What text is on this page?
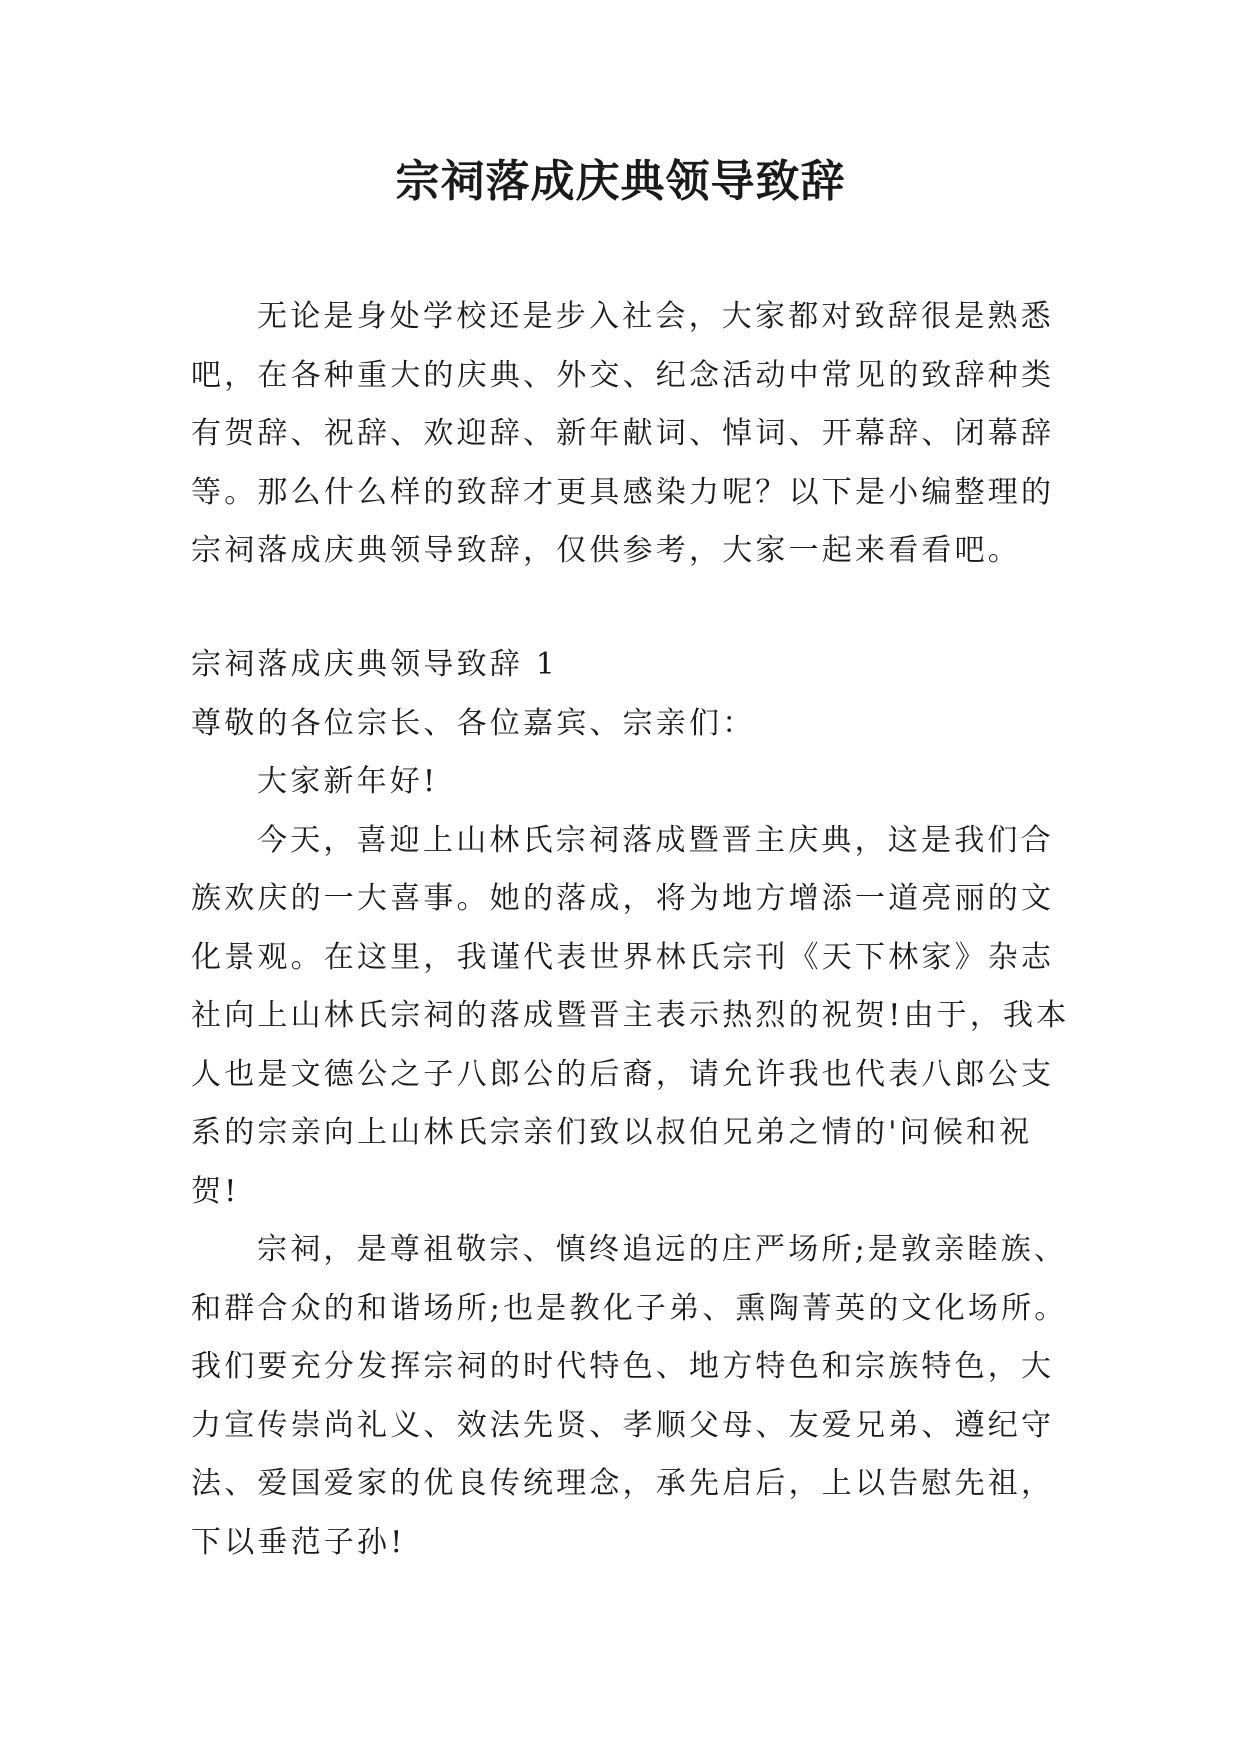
宗祠落成庆典领导致辞
无论是身处学校还是步入社会，大家都对致辞很是熟悉吧，在各种重大的庆典、外交、纪念活动中常见的致辞种类有贺辞、祝辞、欢迎辞、新年献词、悼词、开幕辞、闭幕辞等。那么什么样的致辞才更具感染力呢？以下是小编整理的宗祠落成庆典领导致辞，仅供参考，大家一起来看看吧。

宗祠落成庆典领导致辞 1

尊敬的各位宗长、各位嘉宾、宗亲们：

大家新年好!

今天，喜迎上山林氏宗祠落成暨晋主庆典，这是我们合族欢庆的一大喜事。她的落成，将为地方增添一道亮丽的文化景观。在这里，我谨代表世界林氏宗刊《天下林家》杂志社向上山林氏宗祠的落成暨晋主表示热烈的祝贺!由于，我本人也是文德公之子八郎公的后裔，请允许我也代表八郎公支系的宗亲向上山林氏宗亲们致以叔伯兄弟之情的'问候和祝贺!

宗祠，是尊祖敬宗、慎终追远的庄严场所;是敦亲睦族、和群合众的和谐场所;也是教化子弟、熏陶菁英的文化场所。我们要充分发挥宗祠的时代特色、地方特色和宗族特色，大力宣传崇尚礼义、效法先贤、孝顺父母、友爱兄弟、遵纪守法、爱国爱家的优良传统理念，承先启后，上以告慰先祖，下以垂范子孙!
